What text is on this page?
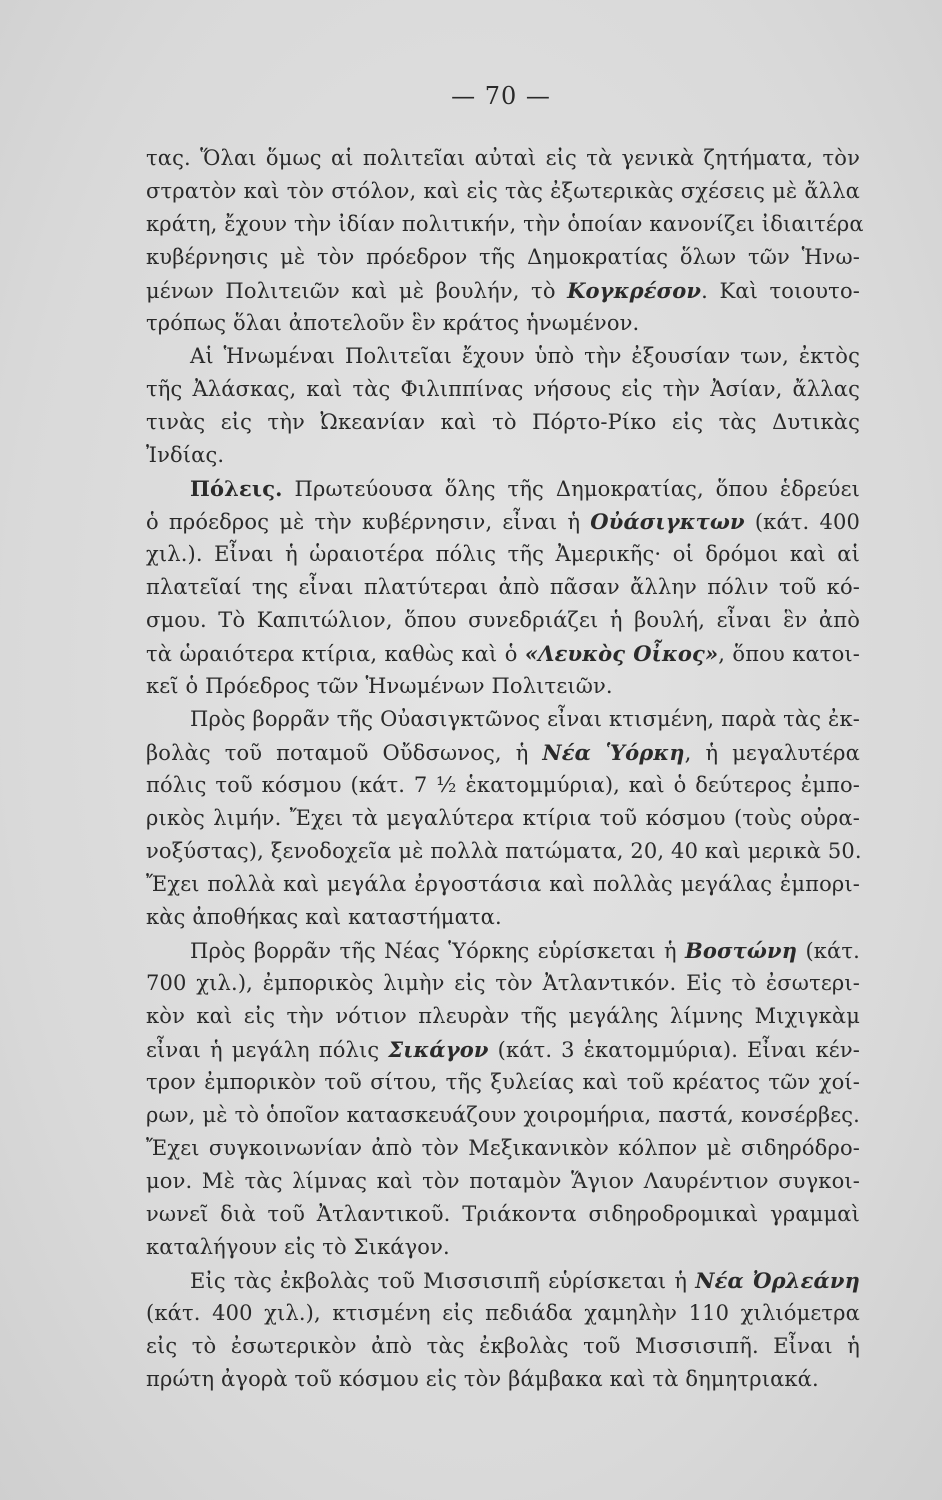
— 70 —
τας. Ὅλαι ὅμως αἱ πολιτεῖαι αὐταὶ εἰς τὰ γενικὰ ζητήματα, τὸν
στρατὸν καὶ τὸν στόλον, καὶ εἰς τὰς ἐξωτερικὰς σχέσεις μὲ ἄλλα
κράτη, ἔχουν τὴν ἰδίαν πολιτικήν, τὴν ὁποίαν κανονίζει ἰδιαιτέρα
κυβέρνησις μὲ τὸν πρόεδρον τῆς Δημοκρατίας ὅλων τῶν Ἡνω-
μένων Πολιτειῶν καὶ μὲ βουλήν, τὸ Κογκρέσον. Καὶ τοιουτο-
τρόπως ὅλαι ἀποτελοῦν ἓν κράτος ἡνωμένον.
Αἱ Ἡνωμέναι Πολιτεῖαι ἔχουν ὑπὸ τὴν ἐξουσίαν των, ἐκτὸς
τῆς Ἀλάσκας, καὶ τὰς Φιλιππίνας νήσους εἰς τὴν Ἀσίαν, ἄλλας
τινὰς εἰς τὴν Ὠκεανίαν καὶ τὸ Πόρτο-Ρίκο εἰς τὰς Δυτικὰς
Ἰνδίας.
Πόλεις. Πρωτεύουσα ὅλης τῆς Δημοκρατίας, ὅπου ἑδρεύει
ὁ πρόεδρος μὲ τὴν κυβέρνησιν, εἶναι ἡ Οὐάσιγκτων (κάτ. 400
χιλ.). Εἶναι ἡ ὡραιοτέρα πόλις τῆς Ἀμερικῆς· οἱ δρόμοι καὶ αἱ
πλατεῖαί της εἶναι πλατύτεραι ἀπὸ πᾶσαν ἄλλην πόλιν τοῦ κό-
σμου. Τὸ Καπιτώλιον, ὅπου συνεδριάζει ἡ βουλή, εἶναι ἓν ἀπὸ
τὰ ὡραιότερα κτίρια, καθὼς καὶ ὁ «Λευκὸς Οἶκος», ὅπου κατοι-
κεῖ ὁ Πρόεδρος τῶν Ἡνωμένων Πολιτειῶν.
Πρὸς βορρᾶν τῆς Οὐασιγκτῶνος εἶναι κτισμένη, παρὰ τὰς ἐκ-
βολὰς τοῦ ποταμοῦ Οὔδσωνος, ἡ Νέα Ὑόρκη, ἡ μεγαλυτέρα
πόλις τοῦ κόσμου (κάτ. 7 ½ ἑκατομμύρια), καὶ ὁ δεύτερος ἐμπο-
ρικὸς λιμήν. Ἔχει τὰ μεγαλύτερα κτίρια τοῦ κόσμου (τοὺς οὐρα-
νοξύστας), ξενοδοχεῖα μὲ πολλὰ πατώματα, 20, 40 καὶ μερικὰ 50.
Ἔχει πολλὰ καὶ μεγάλα ἐργοστάσια καὶ πολλὰς μεγάλας ἐμπορι-
κὰς ἀποθήκας καὶ καταστήματα.
Πρὸς βορρᾶν τῆς Νέας Ὑόρκης εὑρίσκεται ἡ Βοστώνη (κάτ.
700 χιλ.), ἐμπορικὸς λιμὴν εἰς τὸν Ἀτλαντικόν. Εἰς τὸ ἐσωτερι-
κὸν καὶ εἰς τὴν νότιον πλευρὰν τῆς μεγάλης λίμνης Μιχιγκὰμ
εἶναι ἡ μεγάλη πόλις Σικάγον (κάτ. 3 ἑκατομμύρια). Εἶναι κέν-
τρον ἐμπορικὸν τοῦ σίτου, τῆς ξυλείας καὶ τοῦ κρέατος τῶν χοί-
ρων, μὲ τὸ ὁποῖον κατασκευάζουν χοιρομήρια, παστά, κονσέρβες.
Ἔχει συγκοινωνίαν ἀπὸ τὸν Μεξικανικὸν κόλπον μὲ σιδηρόδρο-
μον. Μὲ τὰς λίμνας καὶ τὸν ποταμὸν Ἅγιον Λαυρέντιον συγκοι-
νωνεῖ διὰ τοῦ Ἀτλαντικοῦ. Τριάκοντα σιδηροδρομικαὶ γραμμαὶ
καταλήγουν εἰς τὸ Σικάγον.
Εἰς τὰς ἐκβολὰς τοῦ Μισσισιπῆ εὑρίσκεται ἡ Νέα Ὀρλεάνη
(κάτ. 400 χιλ.), κτισμένη εἰς πεδιάδα χαμηλὴν 110 χιλιόμετρα
εἰς τὸ ἐσωτερικὸν ἀπὸ τὰς ἐκβολὰς τοῦ Μισσισιπῆ. Εἶναι ἡ
πρώτη ἀγορὰ τοῦ κόσμου εἰς τὸν βάμβακα καὶ τὰ δημητριακά.
